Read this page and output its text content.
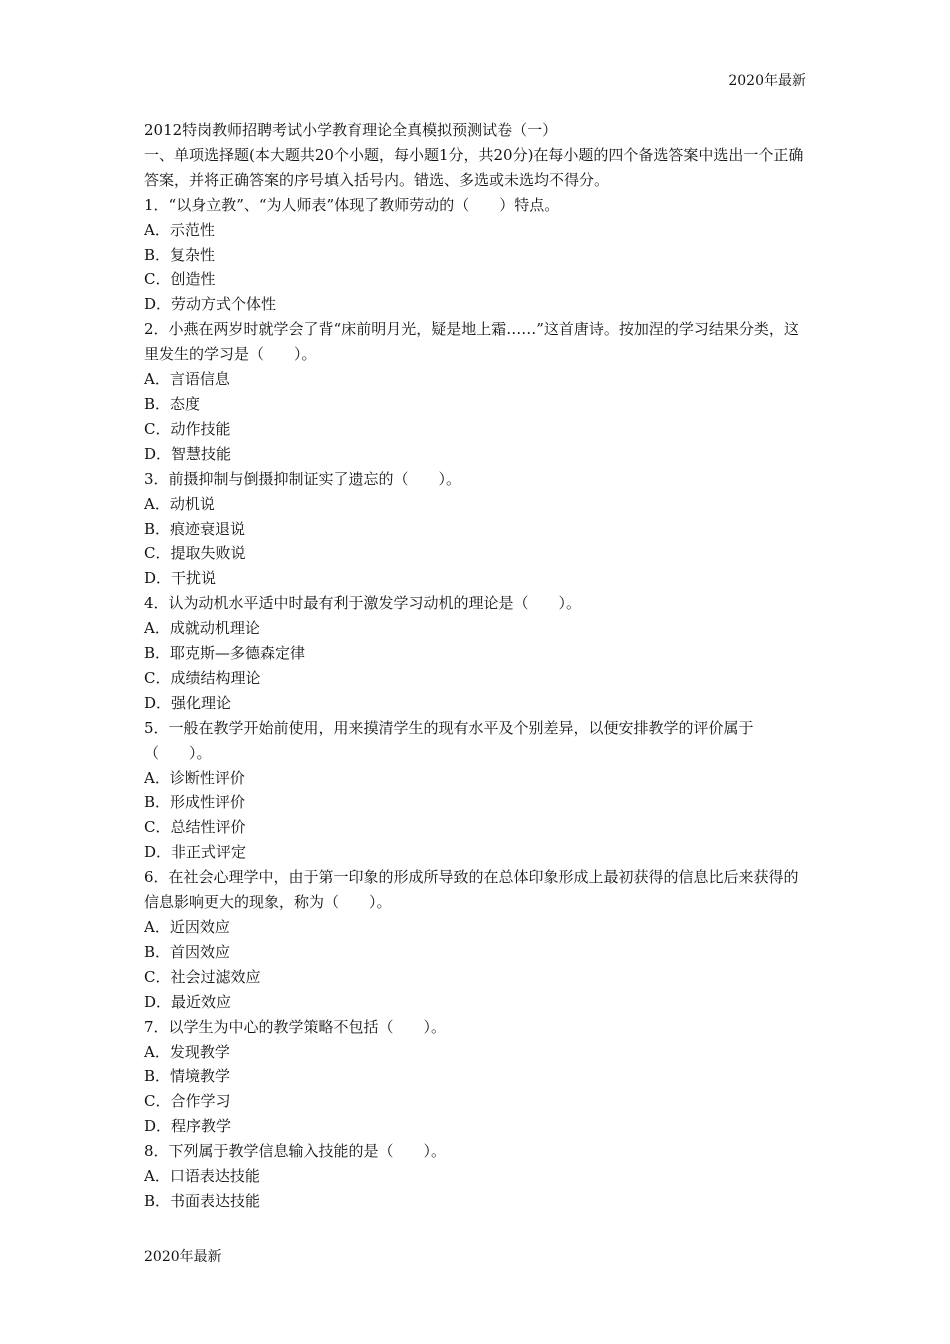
2020年最新

2012特岗教师招聘考试小学教育理论全真模拟预测试卷（一）

一、单项选择题(本大题共20个小题，每小题1分，共20分)在每小题的四个备选答案中选出一个正确答案，并将正确答案的序号填入括号内。错选、多选或未选均不得分。

1．“以身立教”、“为人师表”体现了教师劳动的（　　）特点。

A．示范性

B．复杂性

C．创造性

D．劳动方式个体性

2．小燕在两岁时就学会了背“床前明月光，疑是地上霜……”这首唐诗。按加涅的学习结果分类，这里发生的学习是（　　）。

A．言语信息

B．态度

C．动作技能

D．智慧技能

3．前摄抑制与倒摄抑制证实了遗忘的（　　）。

A．动机说

B．痕迹衰退说

C．提取失败说

D．干扰说

4．认为动机水平适中时最有利于激发学习动机的理论是（　　）。

A．成就动机理论

B．耶克斯—多德森定律

C．成绩结构理论

D．强化理论

5．一般在教学开始前使用，用来摸清学生的现有水平及个别差异，以便安排教学的评价属于（　　）。

A．诊断性评价

B．形成性评价

C．总结性评价

D．非正式评定

6．在社会心理学中，由于第一印象的形成所导致的在总体印象形成上最初获得的信息比后来获得的信息影响更大的现象，称为（　　）。

A．近因效应

B．首因效应

C．社会过滤效应

D．最近效应

7．以学生为中心的教学策略不包括（　　）。

A．发现教学

B．情境教学

C．合作学习

D．程序教学

8．下列属于教学信息输入技能的是（　　）。

A．口语表达技能

B．书面表达技能

2020年最新
